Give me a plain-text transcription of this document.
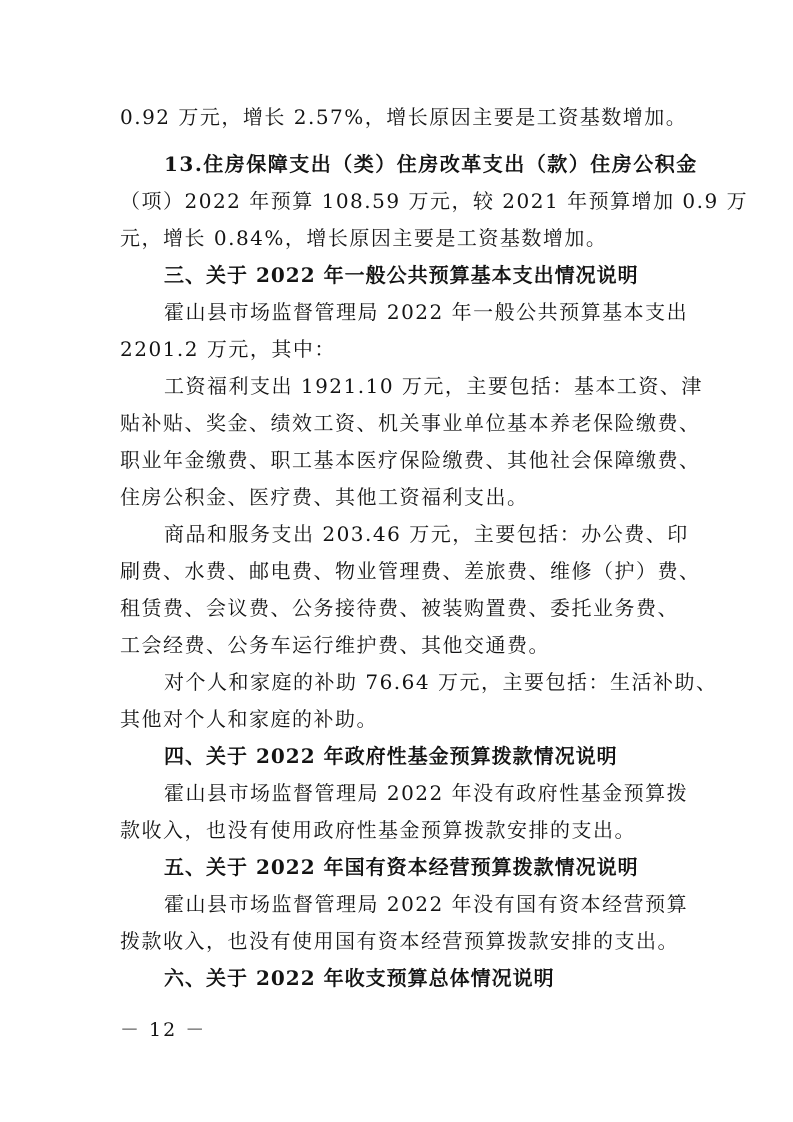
0.92 万元，增长 2.57%，增长原因主要是工资基数增加。
13.住房保障支出（类）住房改革支出（款）住房公积金
（项）2022 年预算 108.59 万元，较 2021 年预算增加 0.9 万
元，增长 0.84%，增长原因主要是工资基数增加。
三、关于 2022 年一般公共预算基本支出情况说明
霍山县市场监督管理局 2022 年一般公共预算基本支出
2201.2 万元，其中：
工资福利支出 1921.10 万元，主要包括：基本工资、津
贴补贴、奖金、绩效工资、机关事业单位基本养老保险缴费、
职业年金缴费、职工基本医疗保险缴费、其他社会保障缴费、
住房公积金、医疗费、其他工资福利支出。
商品和服务支出 203.46 万元，主要包括：办公费、印
刷费、水费、邮电费、物业管理费、差旅费、维修（护）费、
租赁费、会议费、公务接待费、被装购置费、委托业务费、
工会经费、公务车运行维护费、其他交通费。
对个人和家庭的补助 76.64 万元，主要包括：生活补助、
其他对个人和家庭的补助。
四、关于 2022 年政府性基金预算拨款情况说明
霍山县市场监督管理局 2022 年没有政府性基金预算拨
款收入，也没有使用政府性基金预算拨款安排的支出。
五、关于 2022 年国有资本经营预算拨款情况说明
霍山县市场监督管理局 2022 年没有国有资本经营预算
拨款收入，也没有使用国有资本经营预算拨款安排的支出。
六、关于 2022 年收支预算总体情况说明
－ 12 －
